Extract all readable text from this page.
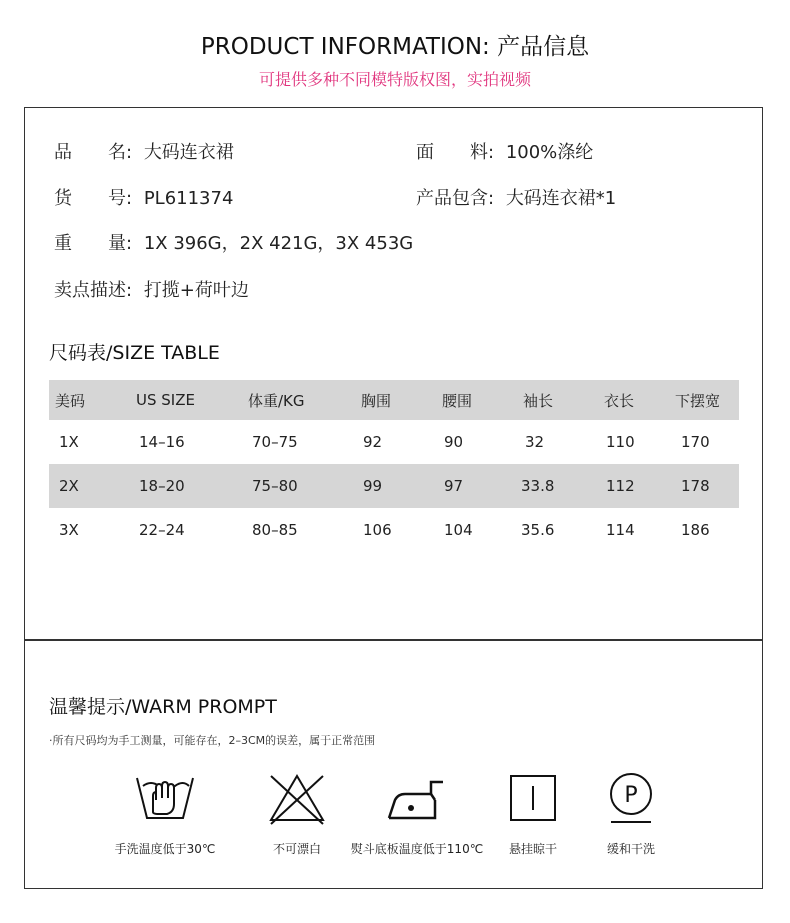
PRODUCT INFORMATION: 产品信息
可提供多种不同模特版权图，实拍视频
品　　名: 大码连衣裙	面　　料: 100%涤纶
货　　号: PL611374	产品包含: 大码连衣裙*1
重　　量: 1X 396G，2X 421G，3X 453G
卖点描述: 打揽+荷叶边
尺码表/SIZE TABLE
美码	US SIZE	体重/KG	胸围	腰围	袖长	衣长	下摆宽
1X	14–16	70–75	92	90	32	110	170
2X	18–20	75–80	99	97	33.8	112	178
3X	22–24	80–85	106	104	35.6	114	186
温馨提示/WARM PROMPT
·所有尺码均为手工测量，可能存在，2–3CM的误差，属于正常范围
手洗温度低于30℃	不可漂白	熨斗底板温度低于110℃	悬挂晾干
P
缓和干洗
